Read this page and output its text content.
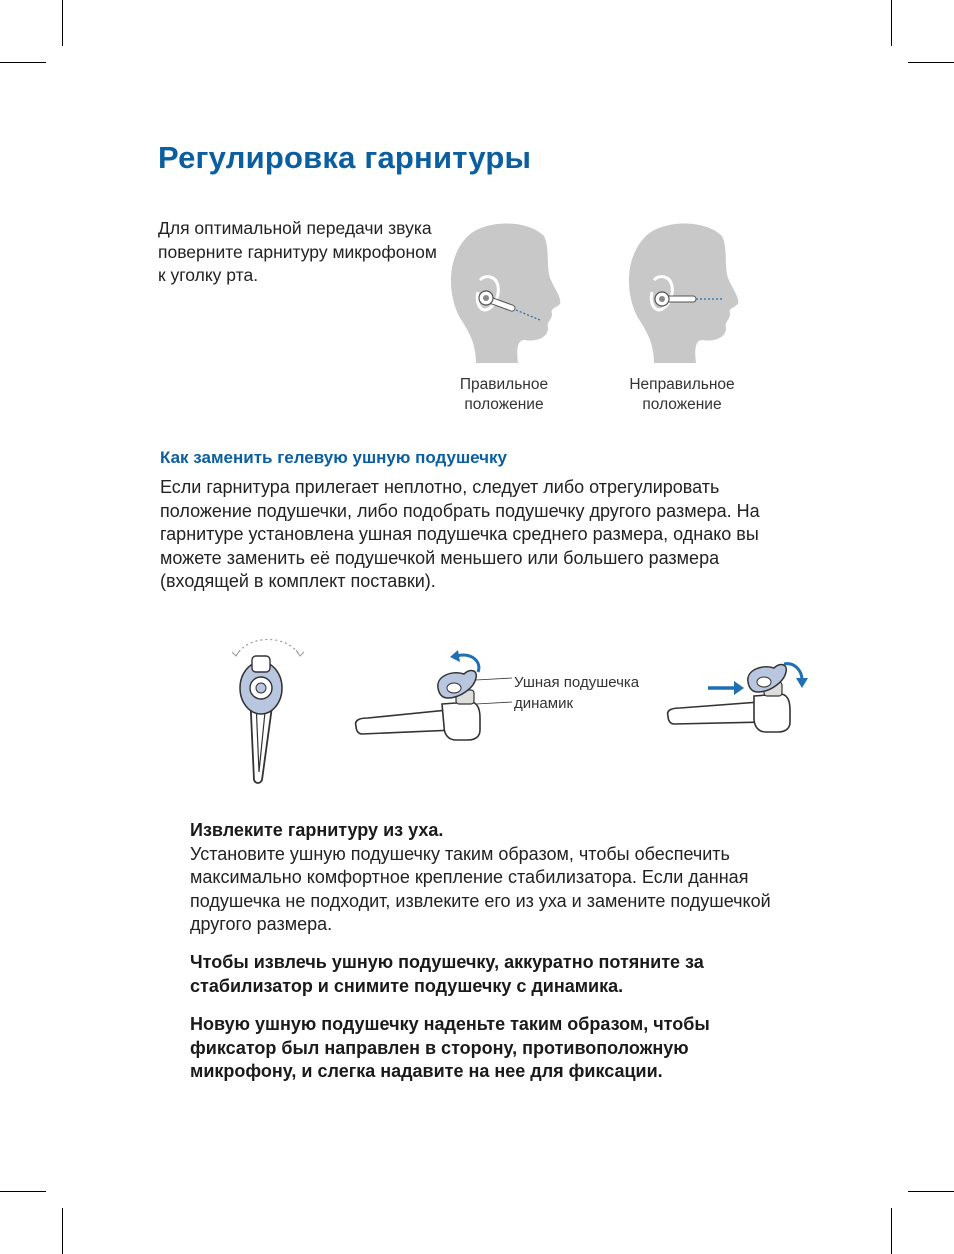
Регулировка гарнитуры
Для оптимальной передачи звука поверните гарнитуру микрофоном к уголку рта.
Правильное
положение
Неправильное
положение
Как заменить гелевую ушную подушечку
Если гарнитура прилегает неплотно, следует либо отрегулировать положение подушечки, либо подобрать подушечку другого размера. На гарнитуре установлена ушная подушечка среднего размера, однако вы можете заменить её подушечкой меньшего или большего размера (входящей в комплект поставки).
Ушная подушечка
динамик
Извлеките гарнитуру из уха.
Установите ушную подушечку таким образом, чтобы обеспечить максимально комфортное крепление стабилизатора. Если данная подушечка не подходит, извлеките его из уха и замените подушечкой другого размера.
Чтобы извлечь ушную подушечку, аккуратно потяните за стабилизатор и снимите подушечку с динамика.
Новую ушную подушечку наденьте таким образом, чтобы фиксатор был направлен в сторону, противоположную микрофону, и слегка надавите на нее для фиксации.
